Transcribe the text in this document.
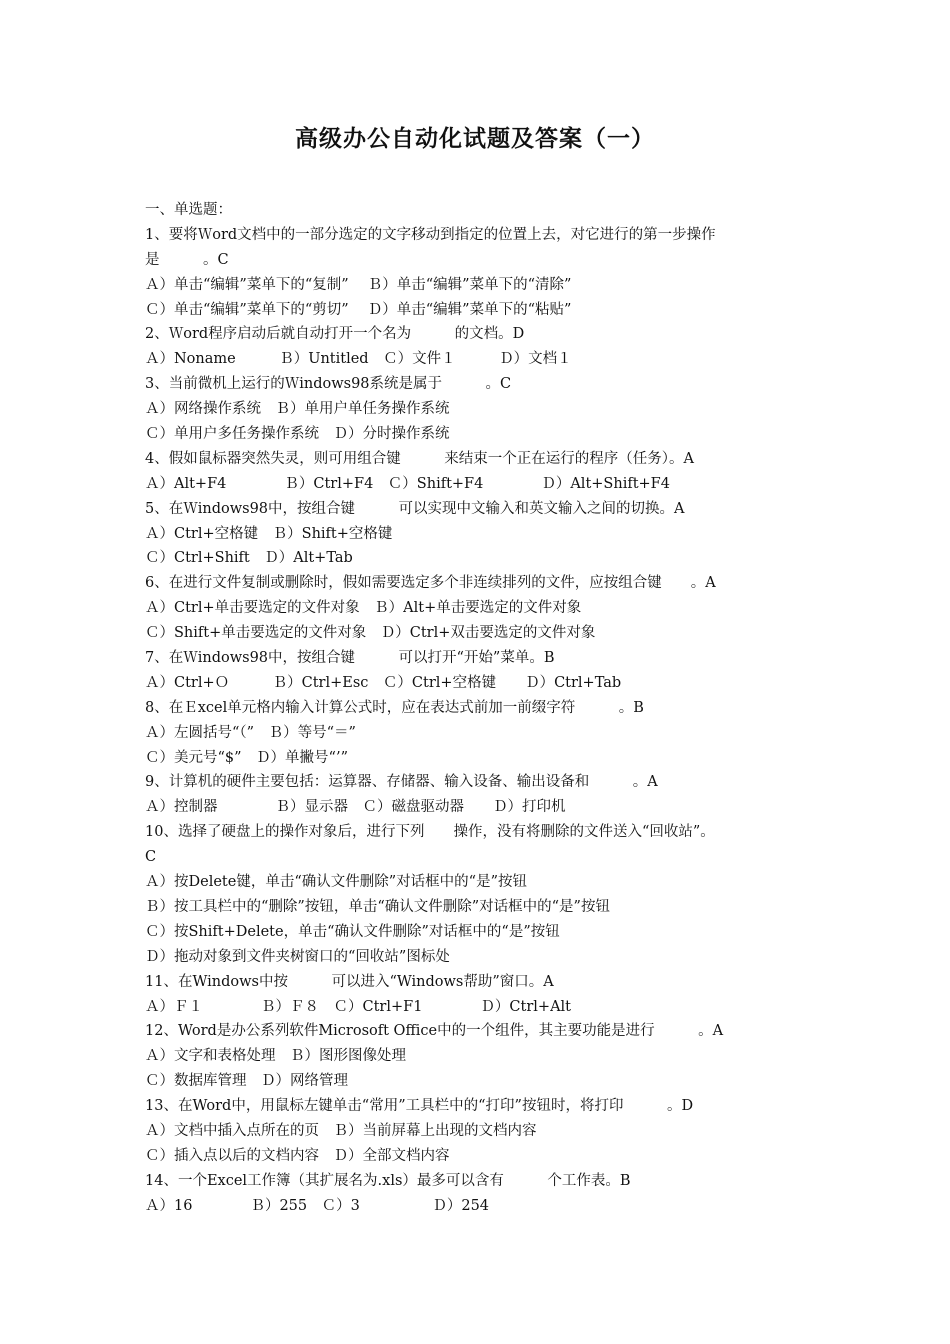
高级办公自动化试题及答案（一）
一、单选题：
1、要将Ｗord文档中的一部分选定的文字移动到指定的位置上去，对它进行的第一步操作
是　　　。C
Ａ）单击“编辑”菜单下的“复制”　 Ｂ）单击“编辑”菜单下的“清除”
Ｃ）单击“编辑”菜单下的“剪切”　 Ｄ）单击“编辑”菜单下的“粘贴”
2、Ｗord程序启动后就自动打开一个名为　　　的文档。D
Ａ）Noname　　　Ｂ）Untitled　Ｃ）文件１　　　Ｄ）文档１
3、当前微机上运行的Ｗindows98系统是属于　　　。C
Ａ）网络操作系统　Ｂ）单用户单任务操作系统
Ｃ）单用户多任务操作系统　Ｄ）分时操作系统
4、假如鼠标器突然失灵，则可用组合键　　　来结束一个正在运行的程序（任务）。A
Ａ）Alt+F4　　　　Ｂ）Ctrl+F4　Ｃ）Shift+F4　　　　Ｄ）Alt+Shift+F4
5、在Ｗindows98中，按组合键　　　可以实现中文输入和英文输入之间的切换。A
Ａ）Ctrl+空格键　Ｂ）Shift+空格键
Ｃ）Ctrl+Shift　Ｄ）Alt+Tab
6、在进行文件复制或删除时，假如需要选定多个非连续排列的文件，应按组合键　　。A
Ａ）Ctrl+单击要选定的文件对象　Ｂ）Alt+单击要选定的文件对象
Ｃ）Shift+单击要选定的文件对象　Ｄ）Ctrl+双击要选定的文件对象
7、在Ｗindows98中，按组合键　　　可以打开“开始”菜单。B
Ａ）Ctrl+Ｏ　　　Ｂ）Ctrl+Esc　Ｃ）Ctrl+空格键　　Ｄ）Ctrl+Tab
8、在Ｅxcel单元格内输入计算公式时，应在表达式前加一前缀字符　　　。B
Ａ）左圆括号“（”　Ｂ）等号“＝”
Ｃ）美元号“$”　Ｄ）单撇号“’”
9、计算机的硬件主要包括：运算器、存储器、输入设备、输出设备和　　　。A
Ａ）控制器　　　　Ｂ）显示器　Ｃ）磁盘驱动器　　Ｄ）打印机
10、选择了硬盘上的操作对象后，进行下列　　操作，没有将删除的文件送入“回收站”。
C
Ａ）按Delete键，单击“确认文件删除”对话框中的“是”按钮
Ｂ）按工具栏中的“删除”按钮，单击“确认文件删除”对话框中的“是”按钮
Ｃ）按Shift+Delete，单击“确认文件删除”对话框中的“是”按钮
Ｄ）拖动对象到文件夹树窗口的“回收站”图标处
11、在Windows中按　　　可以进入“Windows帮助”窗口。A
Ａ）Ｆ１　　　　Ｂ）Ｆ８　Ｃ）Ctrl+F1　　　　Ｄ）Ctrl+Alt
12、Word是办公系列软件Microsoft Office中的一个组件，其主要功能是进行　　　。A
Ａ）文字和表格处理　Ｂ）图形图像处理
Ｃ）数据库管理　Ｄ）网络管理
13、在Word中，用鼠标左键单击“常用”工具栏中的“打印”按钮时，将打印　　　。D
Ａ）文档中插入点所在的页　Ｂ）当前屏幕上出现的文档内容
Ｃ）插入点以后的文档内容　Ｄ）全部文档内容
14、一个Excel工作簿（其扩展名为.xls）最多可以含有　　　个工作表。B
Ａ）16　　　　Ｂ）255　Ｃ）3　　　　　Ｄ）254
